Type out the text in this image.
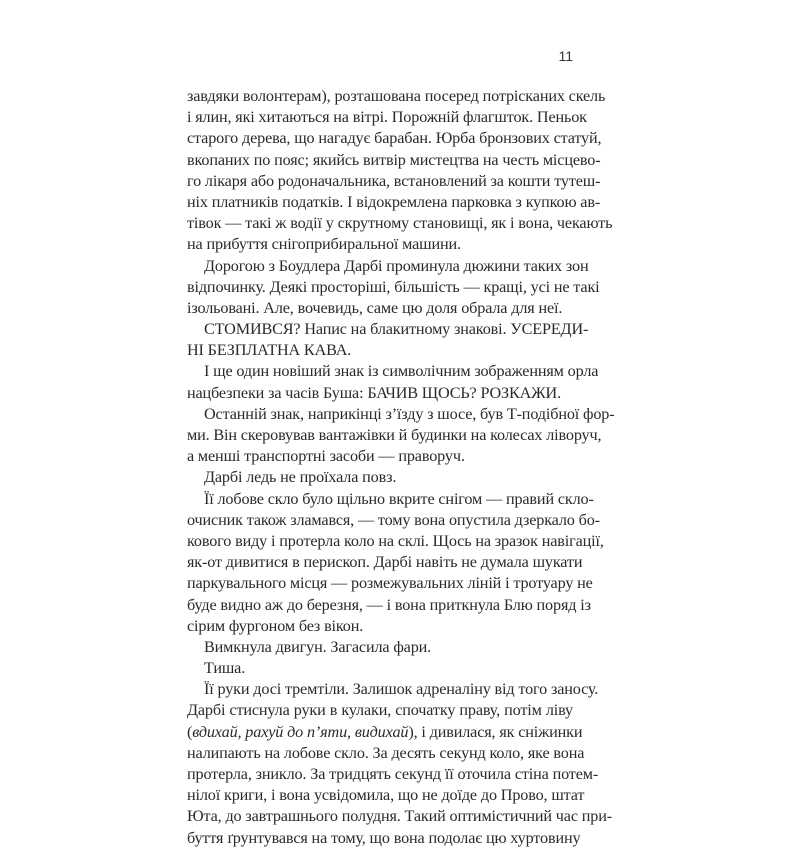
11
завдяки волонтерам), розташована посеред потрісканих скель
і ялин, які хитаються на вітрі. Порожній флагшток. Пеньок
старого дерева, що нагадує барабан. Юрба бронзових статуй,
вкопаних по пояс; якийсь витвір мистецтва на честь місцево-
го лікаря або родоначальника, встановлений за кошти тутеш-
ніх платників податків. І відокремлена парковка з купкою ав-
тівок — такі ж водії у скрутному становищі, як і вона, чекають
на прибуття снігоприбиральної машини.
Дорогою з Боудлера Дарбі проминула дюжини таких зон
відпочинку. Деякі просторіші, більшість — кращі, усі не такі
ізольовані. Але, вочевидь, саме цю доля обрала для неї.
СТОМИВСЯ? Напис на блакитному знакові. УСЕРЕДИ-
НІ БЕЗПЛАТНА КАВА.
І ще один новіший знак із символічним зображенням орла
нацбезпеки за часів Буша: БАЧИВ ЩОСЬ? РОЗКАЖИ.
Останній знак, наприкінці з’їзду з шосе, був Т-подібної фор-
ми. Він скеровував вантажівки й будинки на колесах ліворуч,
а менші транспортні засоби — праворуч.
Дарбі ледь не проїхала повз.
Її лобове скло було щільно вкрите снігом — правий склo-
очисник також зламався, — тому вона опустила дзеркало бо-
кового виду і протерла коло на склі. Щось на зразок навігації,
як-от дивитися в перископ. Дарбі навіть не думала шукати
паркувального місця — розмежувальних ліній і тротуару не
буде видно аж до березня, — і вона приткнула Блю поряд із
сірим фургоном без вікон.
Вимкнула двигун. Загасила фари.
Тиша.
Її руки досі тремтіли. Залишок адреналіну від того заносу.
Дарбі стиснула руки в кулаки, спочатку праву, потім ліву
(вдихай, рахуй до п’яти, видихай), і дивилася, як сніжинки
налипають на лобове скло. За десять секунд коло, яке вона
протерла, зникло. За тридцять секунд її оточила стіна потем-
нілої криги, і вона усвідомила, що не доїде до Прово, штат
Юта, до завтрашнього полудня. Такий оптимістичний час при-
буття ґрунтувався на тому, що вона подолає цю хуртовину
